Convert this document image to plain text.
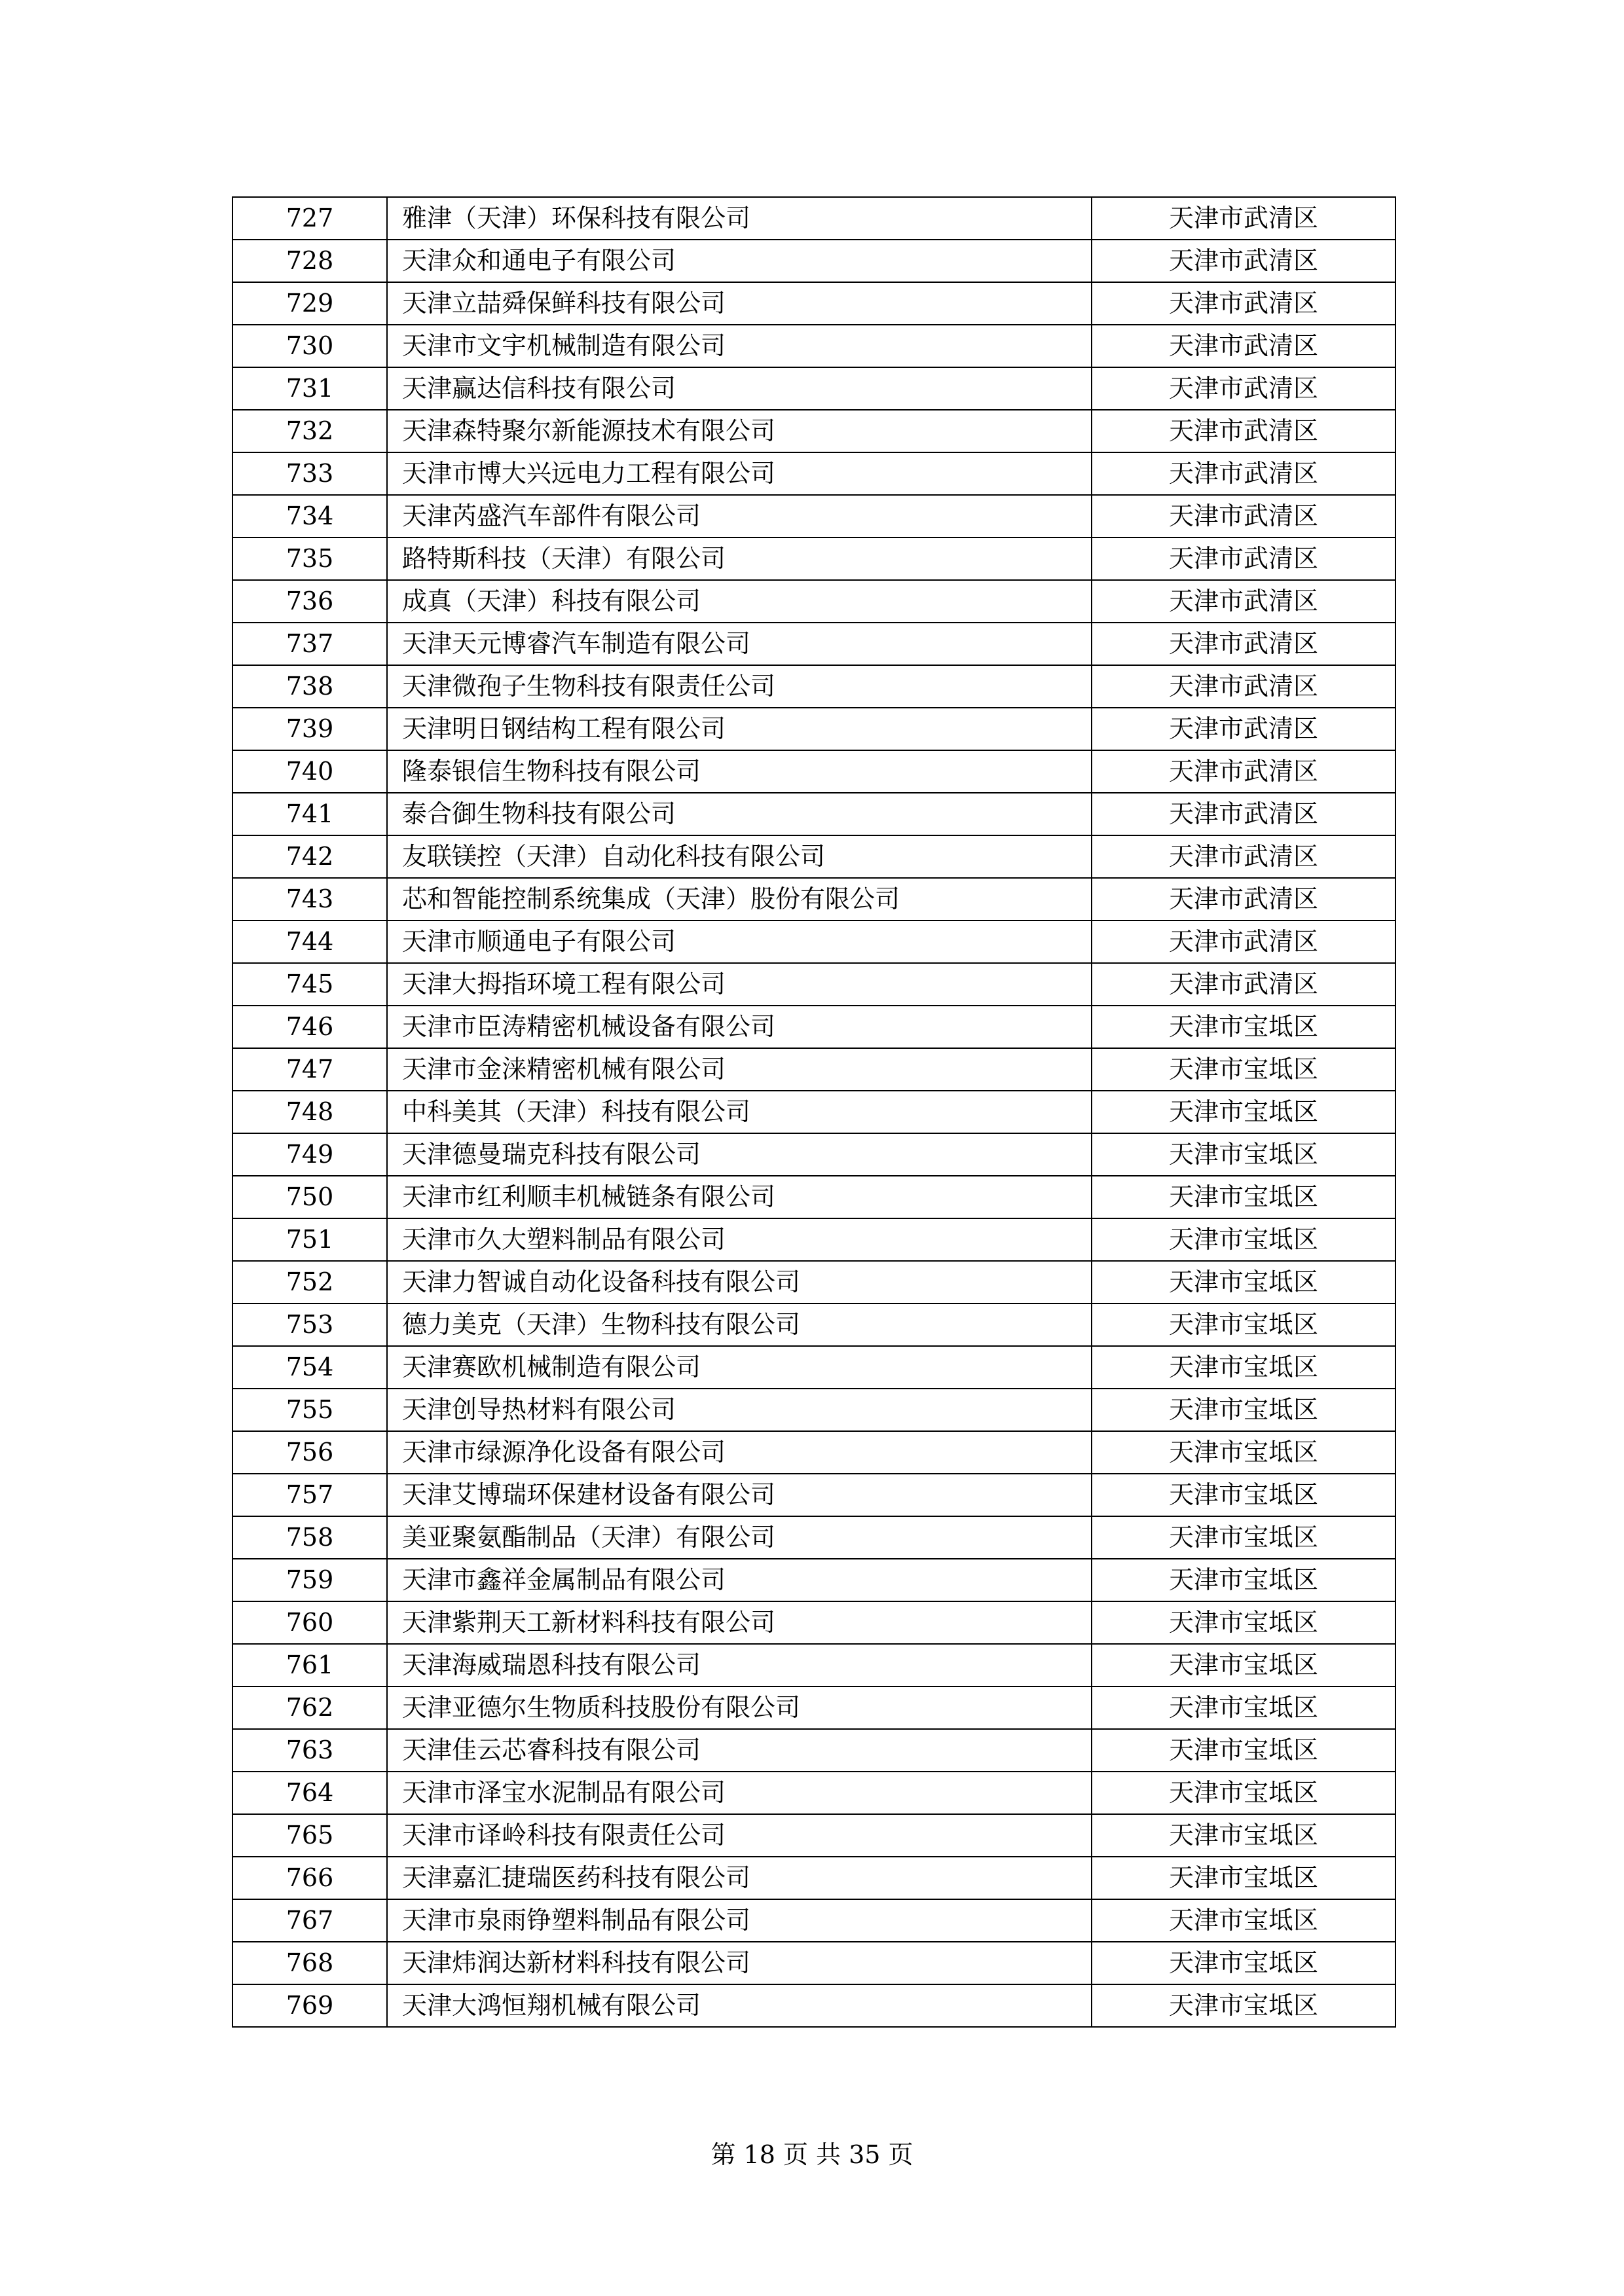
727	雅津（天津）环保科技有限公司	天津市武清区
728	天津众和通电子有限公司	天津市武清区
729	天津立喆舜保鲜科技有限公司	天津市武清区
730	天津市文宇机械制造有限公司	天津市武清区
731	天津赢达信科技有限公司	天津市武清区
732	天津森特聚尔新能源技术有限公司	天津市武清区
733	天津市博大兴远电力工程有限公司	天津市武清区
734	天津芮盛汽车部件有限公司	天津市武清区
735	路特斯科技（天津）有限公司	天津市武清区
736	成真（天津）科技有限公司	天津市武清区
737	天津天元博睿汽车制造有限公司	天津市武清区
738	天津微孢子生物科技有限责任公司	天津市武清区
739	天津明日钢结构工程有限公司	天津市武清区
740	隆泰银信生物科技有限公司	天津市武清区
741	泰合御生物科技有限公司	天津市武清区
742	友联镁控（天津）自动化科技有限公司	天津市武清区
743	芯和智能控制系统集成（天津）股份有限公司	天津市武清区
744	天津市顺通电子有限公司	天津市武清区
745	天津大拇指环境工程有限公司	天津市武清区
746	天津市臣涛精密机械设备有限公司	天津市宝坻区
747	天津市金涞精密机械有限公司	天津市宝坻区
748	中科美其（天津）科技有限公司	天津市宝坻区
749	天津德曼瑞克科技有限公司	天津市宝坻区
750	天津市红利顺丰机械链条有限公司	天津市宝坻区
751	天津市久大塑料制品有限公司	天津市宝坻区
752	天津力智诚自动化设备科技有限公司	天津市宝坻区
753	德力美克（天津）生物科技有限公司	天津市宝坻区
754	天津赛欧机械制造有限公司	天津市宝坻区
755	天津创导热材料有限公司	天津市宝坻区
756	天津市绿源净化设备有限公司	天津市宝坻区
757	天津艾博瑞环保建材设备有限公司	天津市宝坻区
758	美亚聚氨酯制品（天津）有限公司	天津市宝坻区
759	天津市鑫祥金属制品有限公司	天津市宝坻区
760	天津紫荆天工新材料科技有限公司	天津市宝坻区
761	天津海威瑞恩科技有限公司	天津市宝坻区
762	天津亚德尔生物质科技股份有限公司	天津市宝坻区
763	天津佳云芯睿科技有限公司	天津市宝坻区
764	天津市泽宝水泥制品有限公司	天津市宝坻区
765	天津市译岭科技有限责任公司	天津市宝坻区
766	天津嘉汇捷瑞医药科技有限公司	天津市宝坻区
767	天津市泉雨铮塑料制品有限公司	天津市宝坻区
768	天津炜润达新材料科技有限公司	天津市宝坻区
769	天津大鸿恒翔机械有限公司	天津市宝坻区
第 18 页 共 35 页
